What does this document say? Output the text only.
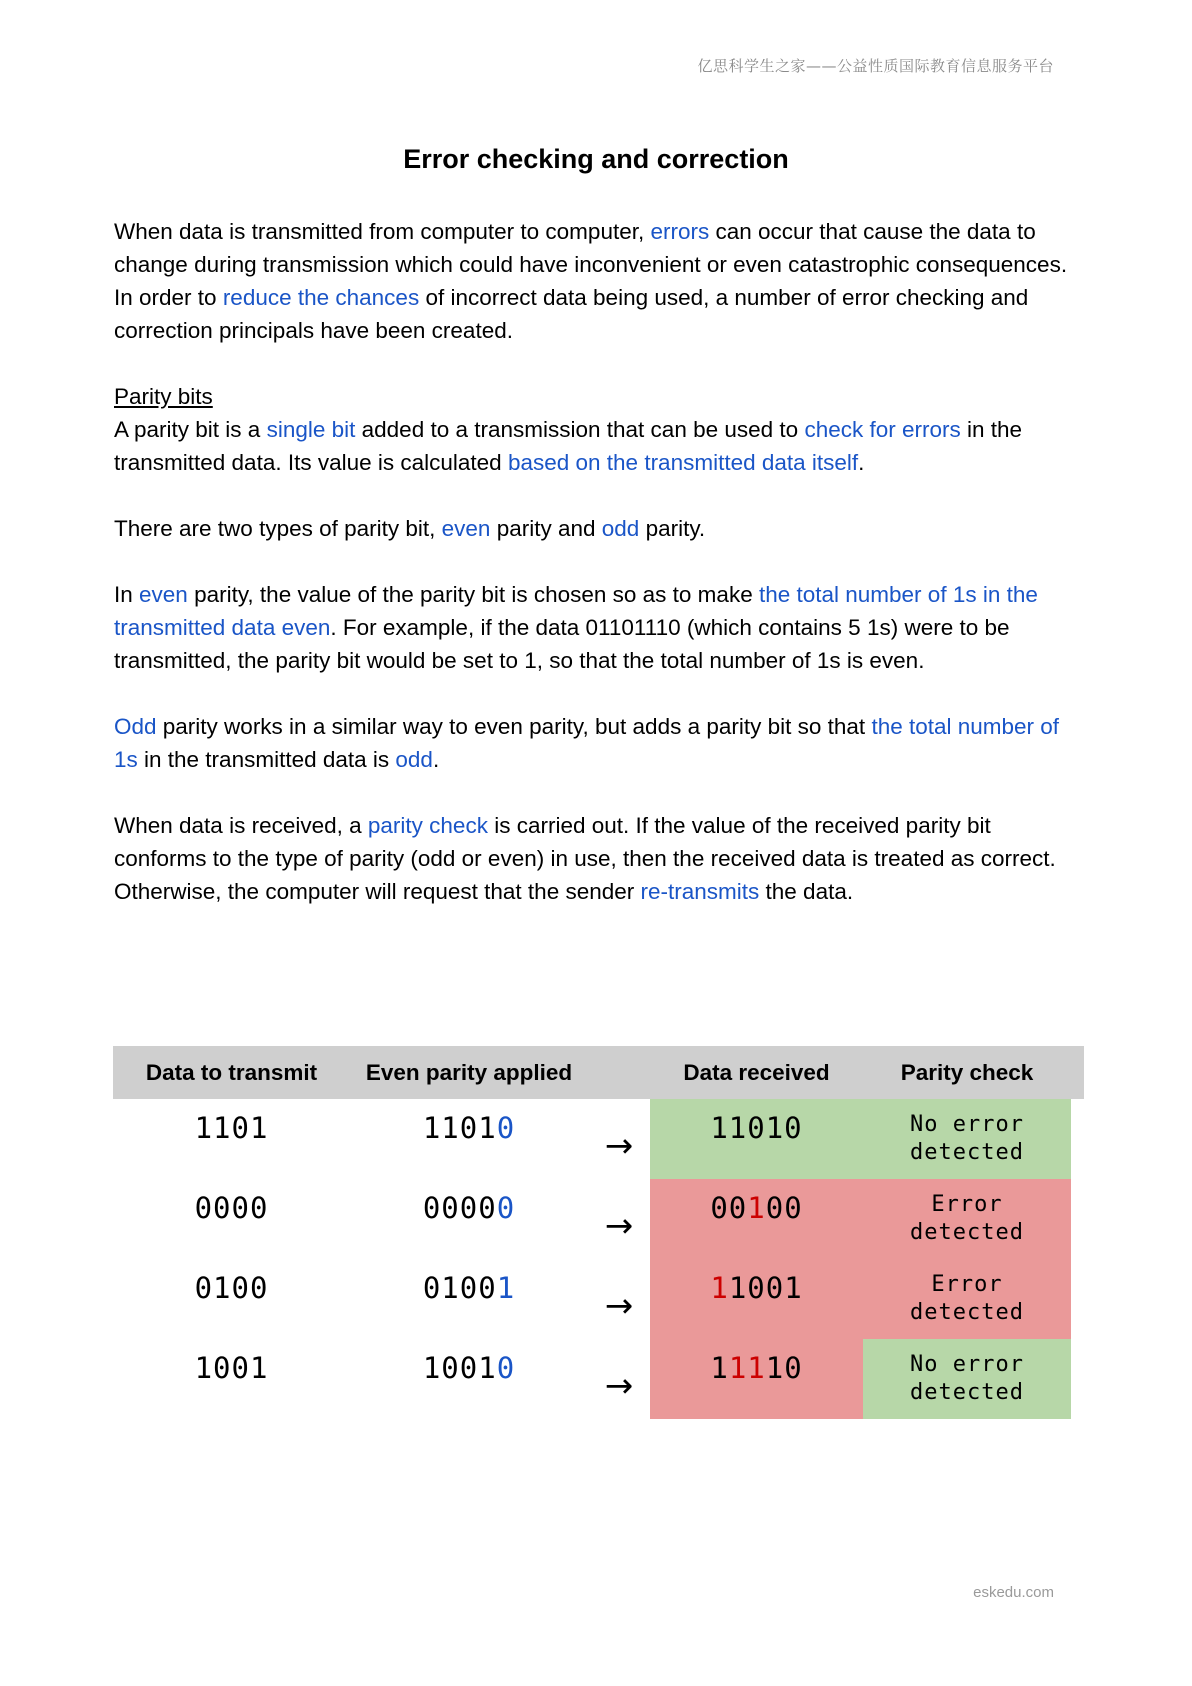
亿思科学生之家——公益性质国际教育信息服务平台
Error checking and correction

When data is transmitted from computer to computer, errors can occur that cause the data to change during transmission which could have inconvenient or even catastrophic consequences. In order to reduce the chances of incorrect data being used, a number of error checking and correction principals have been created.

Parity bits

A parity bit is a single bit added to a transmission that can be used to check for errors in the transmitted data. Its value is calculated based on the transmitted data itself.

There are two types of parity bit, even parity and odd parity.

In even parity, the value of the parity bit is chosen so as to make the total number of 1s in the transmitted data even. For example, if the data 01101110 (which contains 5 1s) were to be transmitted, the parity bit would be set to 1, so that the total number of 1s is even.

Odd parity works in a similar way to even parity, but adds a parity bit so that the total number of 1s in the transmitted data is odd.

When data is received, a parity check is carried out. If the value of the received parity bit conforms to the type of parity (odd or even) in use, then the received data is treated as correct. Otherwise, the computer will request that the sender re-transmits the data.

Data to transmit	Even parity applied	Data received	Parity check
1101	11010	→	11010	No error
detected
0000	00000	→	00100	Error
detected
0100	01001	→	11001	Error
detected
1001	10010	→	11110	No error
detected
eskedu.com
